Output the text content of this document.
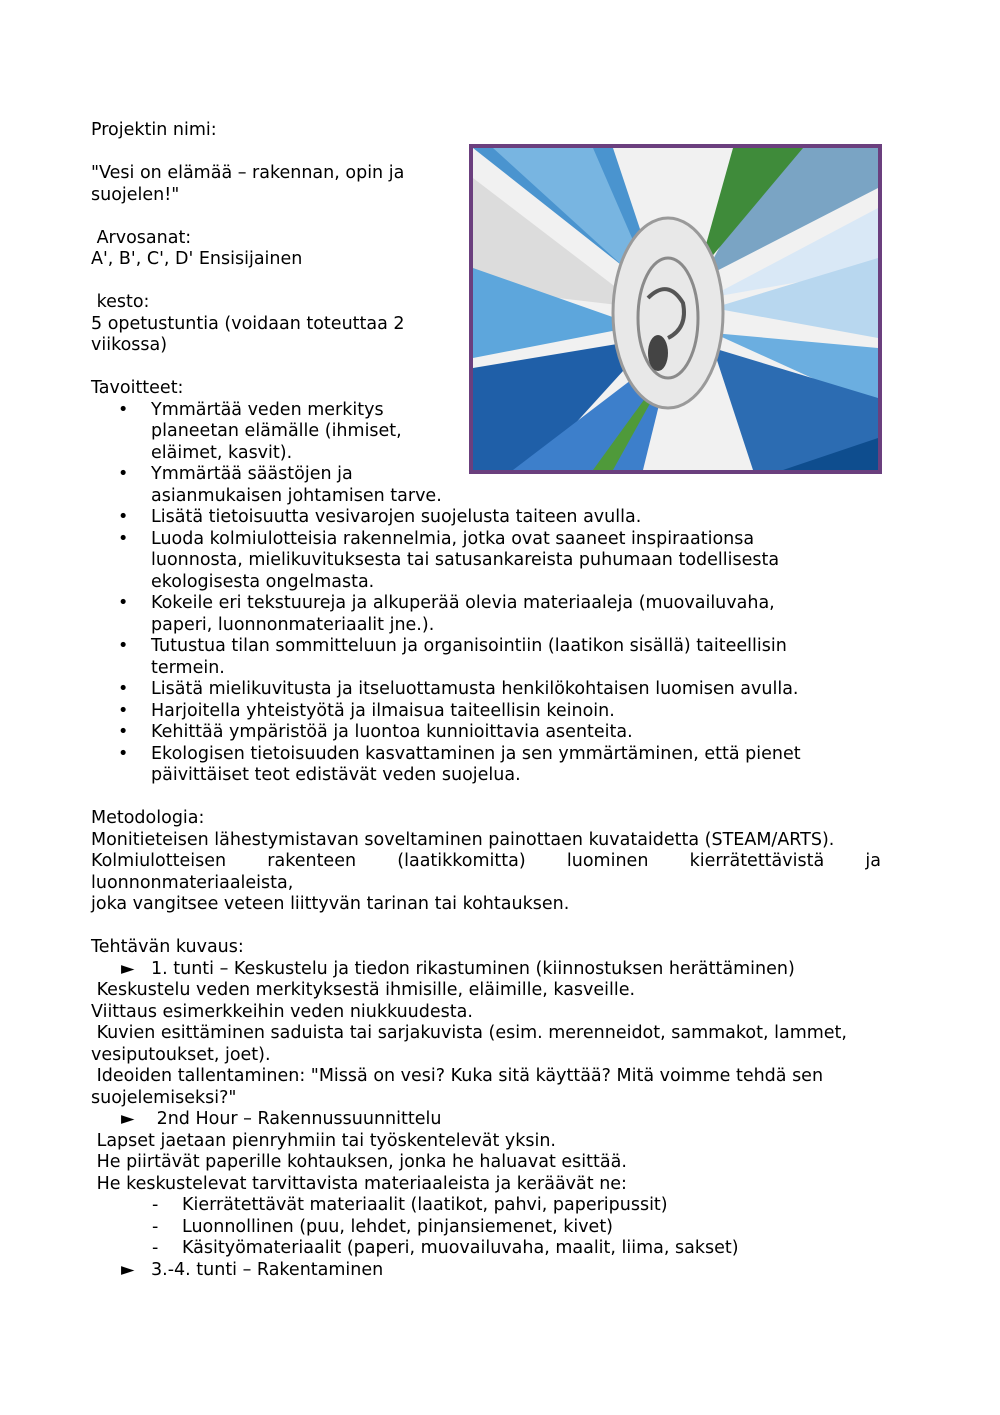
Projektin nimi:

"Vesi on elämää – rakennan, opin ja

suojelen!"

Arvosanat:

A', B', C', D' Ensisijainen

kesto:

5 opetustuntia (voidaan toteuttaa 2

viikossa)

Tavoitteet:

• Ymmärtää veden merkitys

planeetan elämälle (ihmiset,

eläimet, kasvit).

• Ymmärtää säästöjen ja

asianmukaisen johtamisen tarve.

• Lisätä tietoisuutta vesivarojen suojelusta taiteen avulla.
• Luoda kolmiulotteisia rakennelmia, jotka ovat saaneet inspiraationsa luonnosta, mielikuvituksesta tai satusankareista puhumaan todellisesta ekologisesta ongelmasta.
• Kokeile eri tekstuureja ja alkuperää olevia materiaaleja (muovailuvaha, paperi, luonnonmateriaalit jne.).
• Tutustua tilan sommitteluun ja organisointiin (laatikon sisällä) taiteellisin termein.
• Lisätä mielikuvitusta ja itseluottamusta henkilökohtaisen luomisen avulla.
• Harjoitella yhteistyötä ja ilmaisua taiteellisin keinoin.
• Kehittää ympäristöä ja luontoa kunnioittavia asenteita.
• Ekologisen tietoisuuden kasvattaminen ja sen ymmärtäminen, että pienet päivittäiset teot edistävät veden suojelua.

Metodologia:

Monitieteisen lähestymistavan soveltaminen painottaen kuvataidetta (STEAM/ARTS).

Kolmiulotteisen rakenteen (laatikkomitta) luominen kierrätettävistä ja

luonnonmateriaaleista,

joka vangitsee veteen liittyvän tarinan tai kohtauksen.

Tehtävän kuvaus:

► 1. tunti – Keskustelu ja tiedon rikastuminen (kiinnostuksen herättäminen)

Keskustelu veden merkityksestä ihmisille, eläimille, kasveille.

Viittaus esimerkkeihin veden niukkuudesta.

Kuvien esittäminen saduista tai sarjakuvista (esim. merenneidot, sammakot, lammet, vesiputoukset, joet).

Ideoiden tallentaminen: "Missä on vesi? Kuka sitä käyttää? Mitä voimme tehdä sen suojelemiseksi?"

► 2nd Hour – Rakennussuunnittelu

Lapset jaetaan pienryhmiin tai työskentelevät yksin.

He piirtävät paperille kohtauksen, jonka he haluavat esittää.

He keskustelevat tarvittavista materiaaleista ja keräävät ne:

- Kierrätettävät materiaalit (laatikot, pahvi, paperipussit)
- Luonnollinen (puu, lehdet, pinjansiemenet, kivet)
- Käsityömateriaalit (paperi, muovailuvaha, maalit, liima, sakset)

► 3.-4. tunti – Rakentaminen
